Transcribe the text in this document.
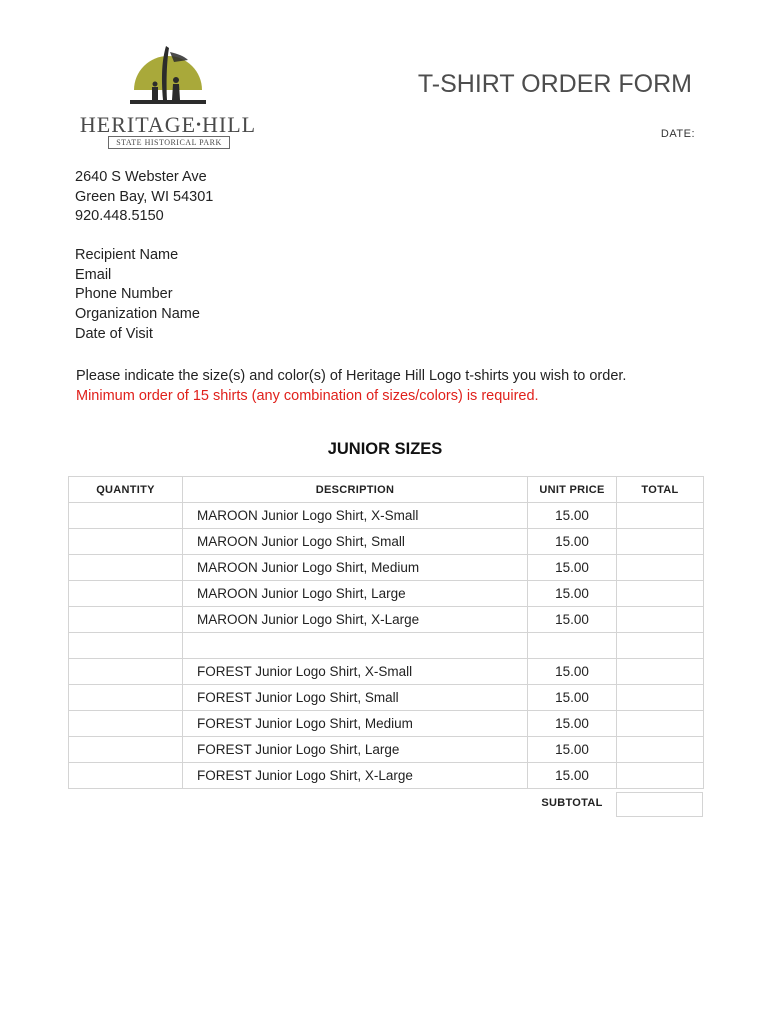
HERITAGE•HILL
STATE HISTORICAL PARK
T-SHIRT ORDER FORM
DATE:
2640 S Webster Ave
Green Bay, WI 54301
920.448.5150
Recipient Name
Email
Phone Number
Organization Name
Date of Visit
Please indicate the size(s) and color(s) of Heritage Hill Logo t-shirts you wish to order.
Minimum order of 15 shirts (any combination of sizes/colors) is required.
JUNIOR SIZES
QUANTITY	DESCRIPTION	UNIT PRICE	TOTAL
	MAROON Junior Logo Shirt, X-Small	15.00	
	MAROON Junior Logo Shirt, Small	15.00	
	MAROON Junior Logo Shirt, Medium	15.00	
	MAROON Junior Logo Shirt, Large	15.00	
	MAROON Junior Logo Shirt, X-Large	15.00	

	FOREST Junior Logo Shirt, X-Small	15.00	
	FOREST Junior Logo Shirt, Small	15.00	
	FOREST Junior Logo Shirt, Medium	15.00	
	FOREST Junior Logo Shirt, Large	15.00	
	FOREST Junior Logo Shirt, X-Large	15.00	
SUBTOTAL
